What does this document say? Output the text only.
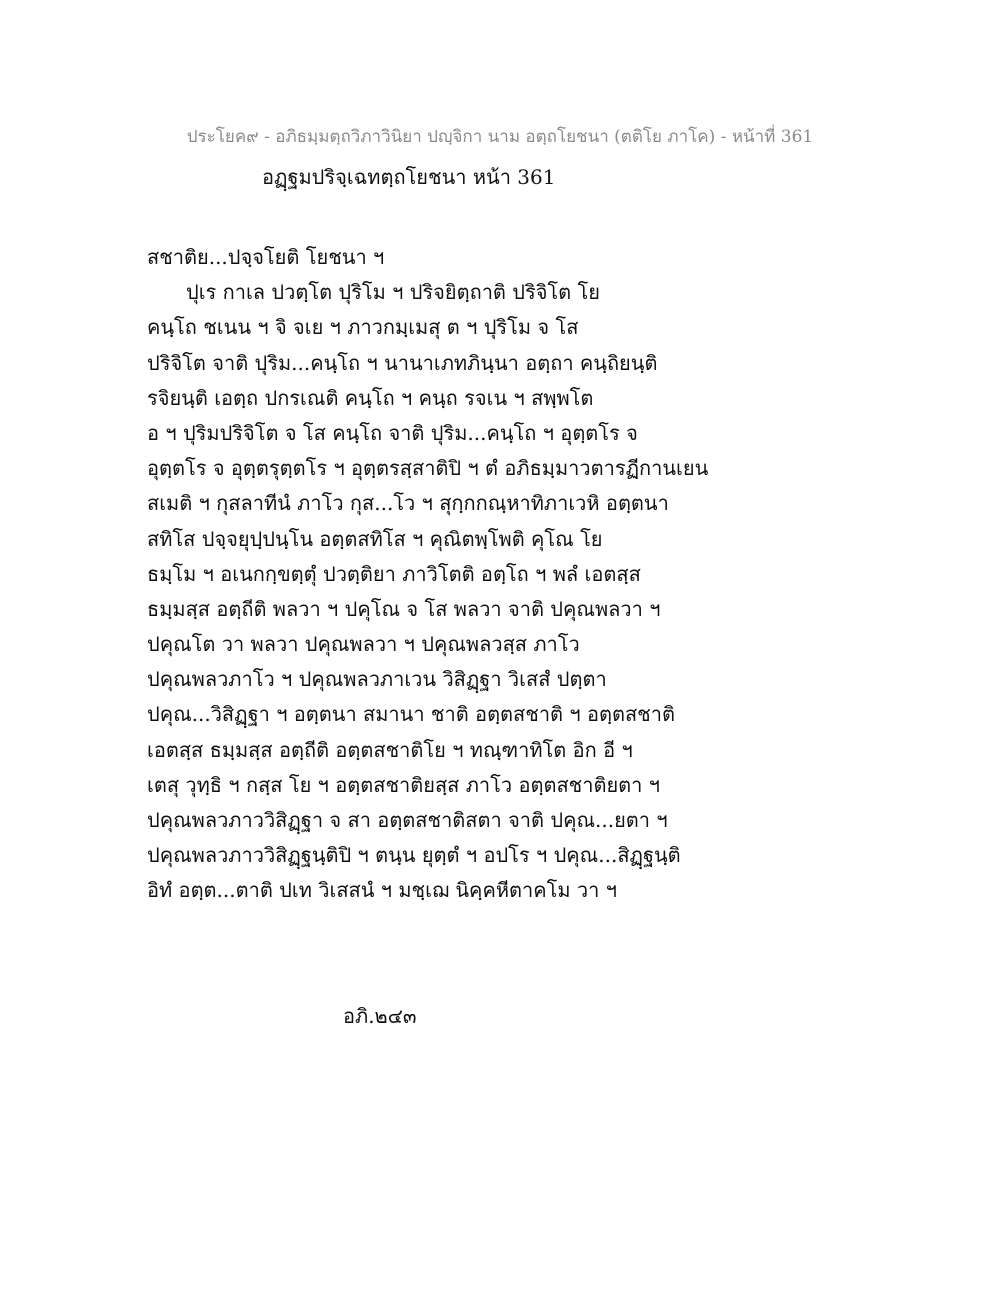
ประโยค๙ - อภิธมฺมตฺถวิภาวินิยา ปญฺจิกา นาม อตฺถโยชนา (ตติโย ภาโค) - หน้าที่ 361
อฏฺฐมปริจฺเฉทตฺถโยชนา หน้า 361
สชาติย...ปจฺจโยติ โยชนา ฯ
ปุเร กาเล ปวตฺโต ปุริโม ฯ ปริจยิตฺถาติ ปริจิโต โย
คนฺโถ ชเนน ฯ จิ จเย ฯ ภาวกมฺเมสุ ต ฯ ปุริโม จ โส
ปริจิโต จาติ ปุริม...คนฺโถ ฯ นานาเภทภินฺนา อตฺถา คนฺถิยนฺติ
รจิยนฺติ เอตฺถ ปกรเณติ คนฺโถ ฯ คนฺถ รจเน ฯ สพฺพโต
อ ฯ ปุริมปริจิโต จ โส คนฺโถ จาติ ปุริม...คนฺโถ ฯ อุตฺตโร จ
อุตฺตโร จ อุตฺตรุตฺตโร ฯ อุตฺตรสฺสาติปิ ฯ ตํ อภิธมฺมาวตารฏีกานเยน
สเมติ ฯ กุสลาทีนํ ภาโว กุส...โว ฯ สุกฺกกณฺหาทิภาเวหิ อตฺตนา
สทิโส ปจฺจยุปฺปนฺโน อตฺตสทิโส ฯ คุณิตพฺโพติ คุโณ โย
ธมฺโม ฯ อเนกกฺขตฺตุํ ปวตฺติยา ภาวิโตติ อตฺโถ ฯ พลํ เอตสฺส
ธมฺมสฺส อตฺถีติ พลวา ฯ ปคุโณ จ โส พลวา จาติ ปคุณพลวา ฯ
ปคุณโต วา พลวา ปคุณพลวา ฯ ปคุณพลวสฺส ภาโว
ปคุณพลวภาโว ฯ ปคุณพลวภาเวน วิสิฏฺฐา วิเสสํ ปตฺตา
ปคุณ...วิสิฏฺฐา ฯ อตฺตนา สมานา ชาติ อตฺตสชาติ ฯ อตฺตสชาติ
เอตสฺส ธมฺมสฺส อตฺถีติ อตฺตสชาติโย ฯ ทณฺฑาทิโต อิก อี ฯ
เตสุ วุทฺธิ ฯ กสฺส โย ฯ อตฺตสชาติยสฺส ภาโว อตฺตสชาติยตา ฯ
ปคุณพลวภาววิสิฏฺฐา จ สา อตฺตสชาติสตา จาติ ปคุณ...ยตา ฯ
ปคุณพลวภาววิสิฏฺฐนฺติปิ ฯ ตนฺน ยุตฺตํ ฯ อปโร ฯ ปคุณ...สิฏฺฐนฺติ
อิทํ อตฺต...ตาติ ปเท วิเสสนํ ฯ มชฺเฌ นิคฺคหีตาคโม วา ฯ
อภิ.๒๔๓
